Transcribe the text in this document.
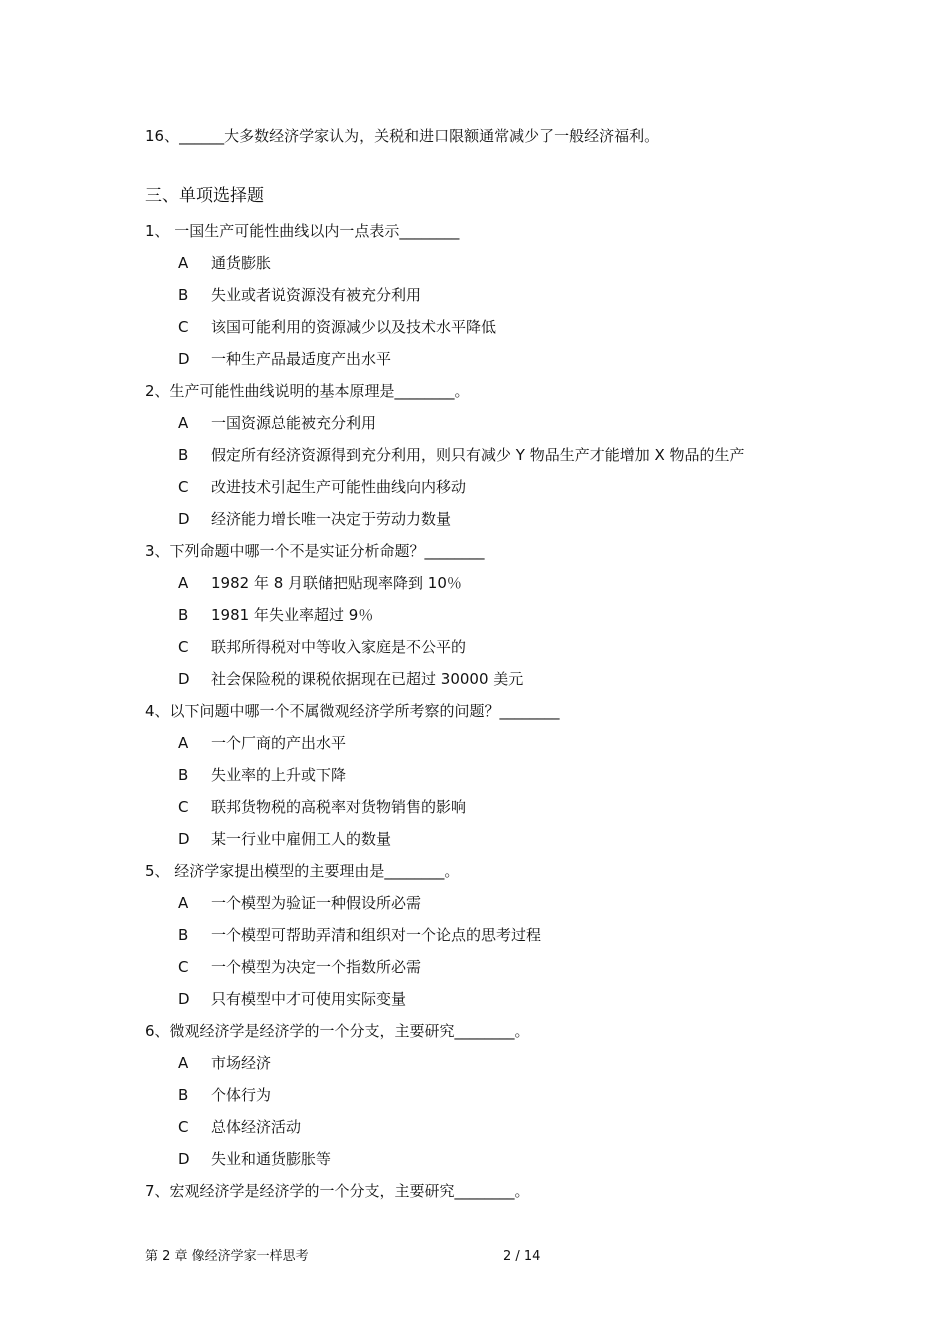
16、______大多数经济学家认为，关税和进口限额通常减少了一般经济福利。
三、单项选择题
1、 一国生产可能性曲线以内一点表示________
A 通货膨胀
B 失业或者说资源没有被充分利用
C 该国可能利用的资源减少以及技术水平降低
D 一种生产品最适度产出水平
2、生产可能性曲线说明的基本原理是________。
A 一国资源总能被充分利用
B 假定所有经济资源得到充分利用，则只有减少 Y 物品生产才能增加 X 物品的生产
C 改进技术引起生产可能性曲线向内移动
D 经济能力增长唯一决定于劳动力数量
3、下列命题中哪一个不是实证分析命题？________
A 1982 年 8 月联储把贴现率降到 10％
B 1981 年失业率超过 9％
C 联邦所得税对中等收入家庭是不公平的
D 社会保险税的课税依据现在已超过 30000 美元
4、以下问题中哪一个不属微观经济学所考察的问题？________
A 一个厂商的产出水平
B 失业率的上升或下降
C 联邦货物税的高税率对货物销售的影响
D 某一行业中雇佣工人的数量
5、 经济学家提出模型的主要理由是________。
A 一个模型为验证一种假设所必需
B 一个模型可帮助弄清和组织对一个论点的思考过程
C 一个模型为决定一个指数所必需
D 只有模型中才可使用实际变量
6、微观经济学是经济学的一个分支，主要研究________。
A 市场经济
B 个体行为
C 总体经济活动
D 失业和通货膨胀等
7、宏观经济学是经济学的一个分支，主要研究________。
第 2 章 像经济学家一样思考	2 / 14
